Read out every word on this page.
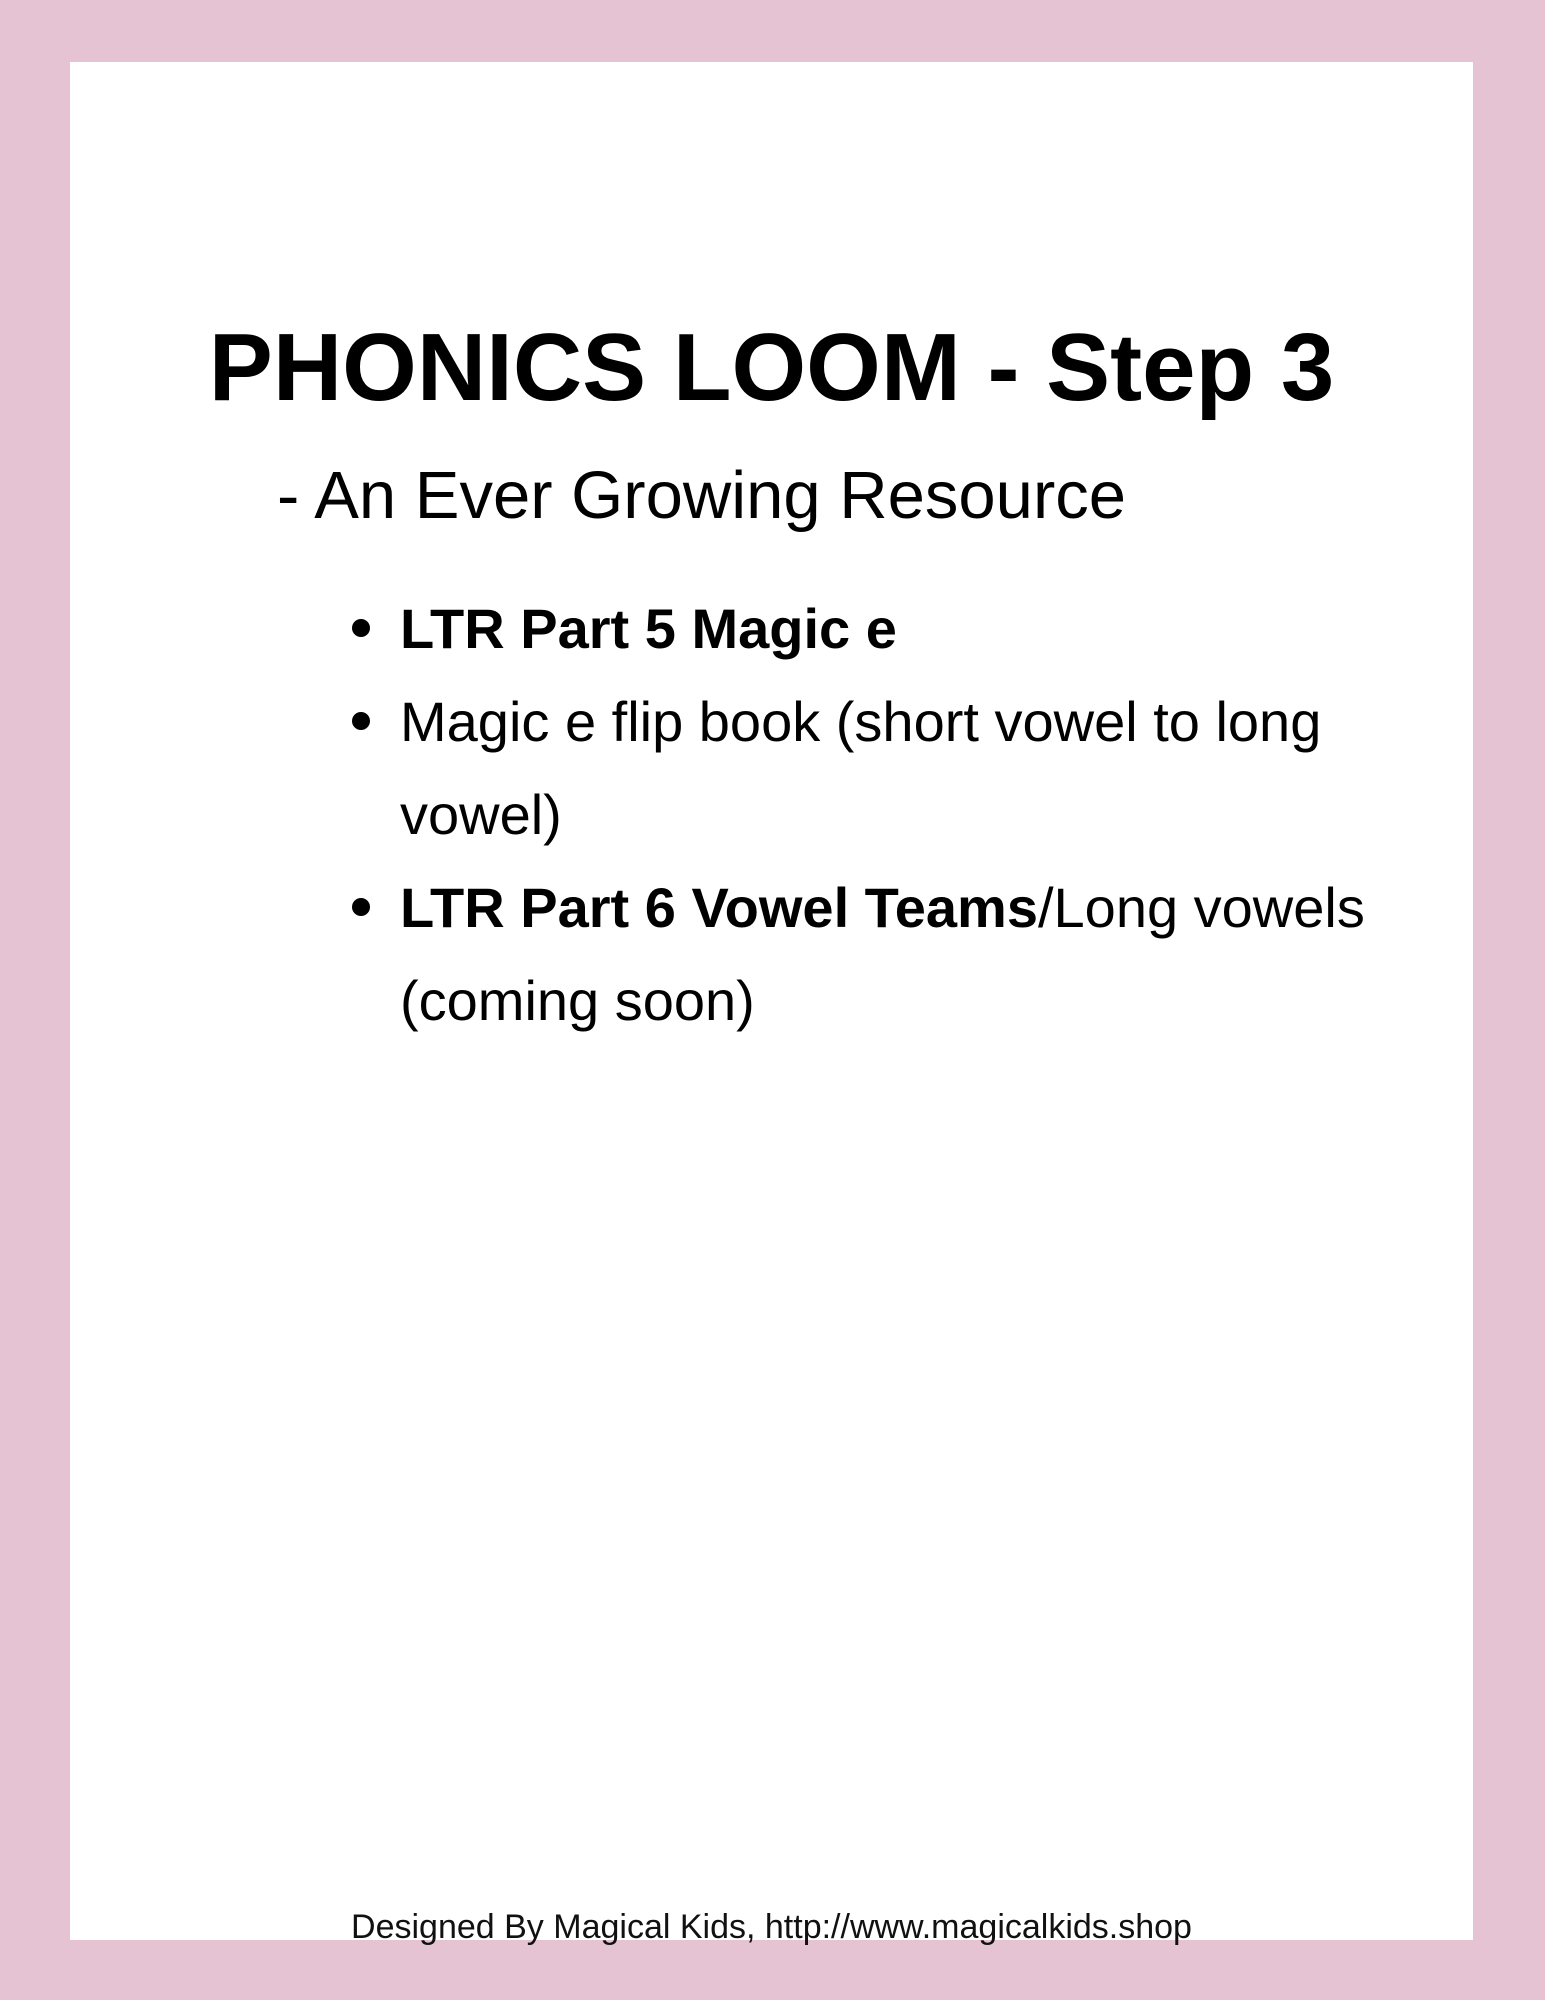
PHONICS LOOM - Step 3
- An Ever Growing Resource
LTR Part 5 Magic e
Magic e flip book (short vowel to long vowel)
LTR Part 6 Vowel Teams/Long vowels (coming soon)

Designed By Magical Kids, http://www.magicalkids.shop
